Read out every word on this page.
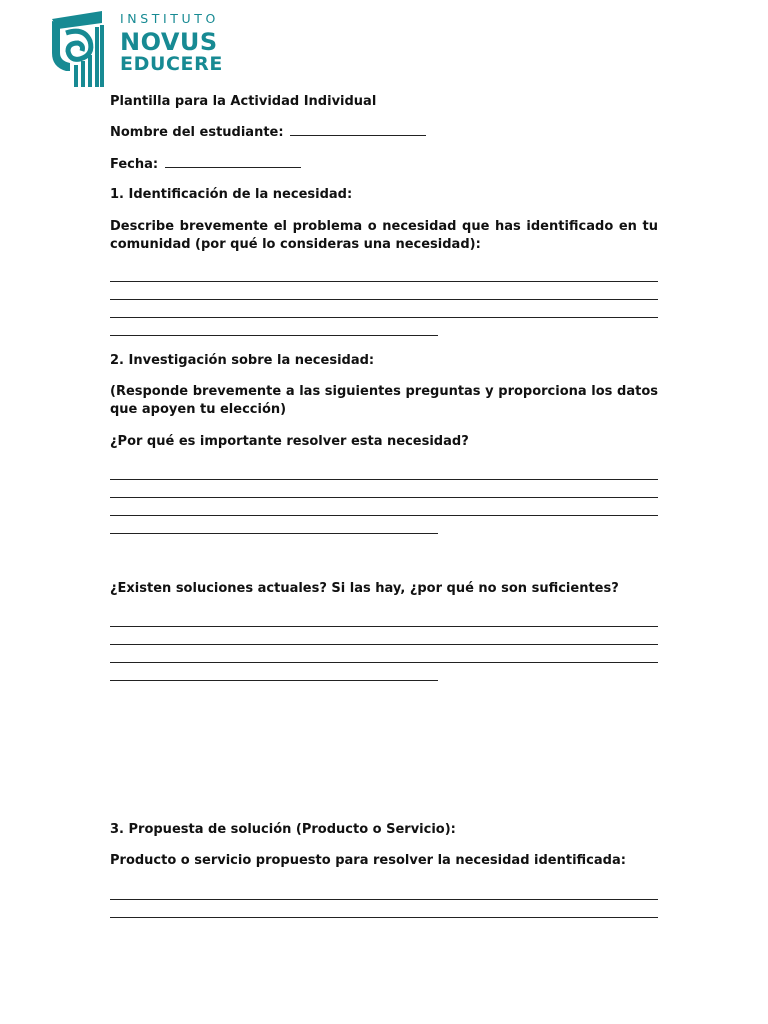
INSTITUTO
NOVUS
EDUCERE
Plantilla para la Actividad Individual
Nombre del estudiante:
Fecha:
1. Identificación de la necesidad:
Describe brevemente el problema o necesidad que has identificado en tu comunidad (por qué lo consideras una necesidad):
2. Investigación sobre la necesidad:
(Responde brevemente a las siguientes preguntas y proporciona los datos que apoyen tu elección)
¿Por qué es importante resolver esta necesidad?
¿Existen soluciones actuales? Si las hay, ¿por qué no son suficientes?
3. Propuesta de solución (Producto o Servicio):
Producto o servicio propuesto para resolver la necesidad identificada:
